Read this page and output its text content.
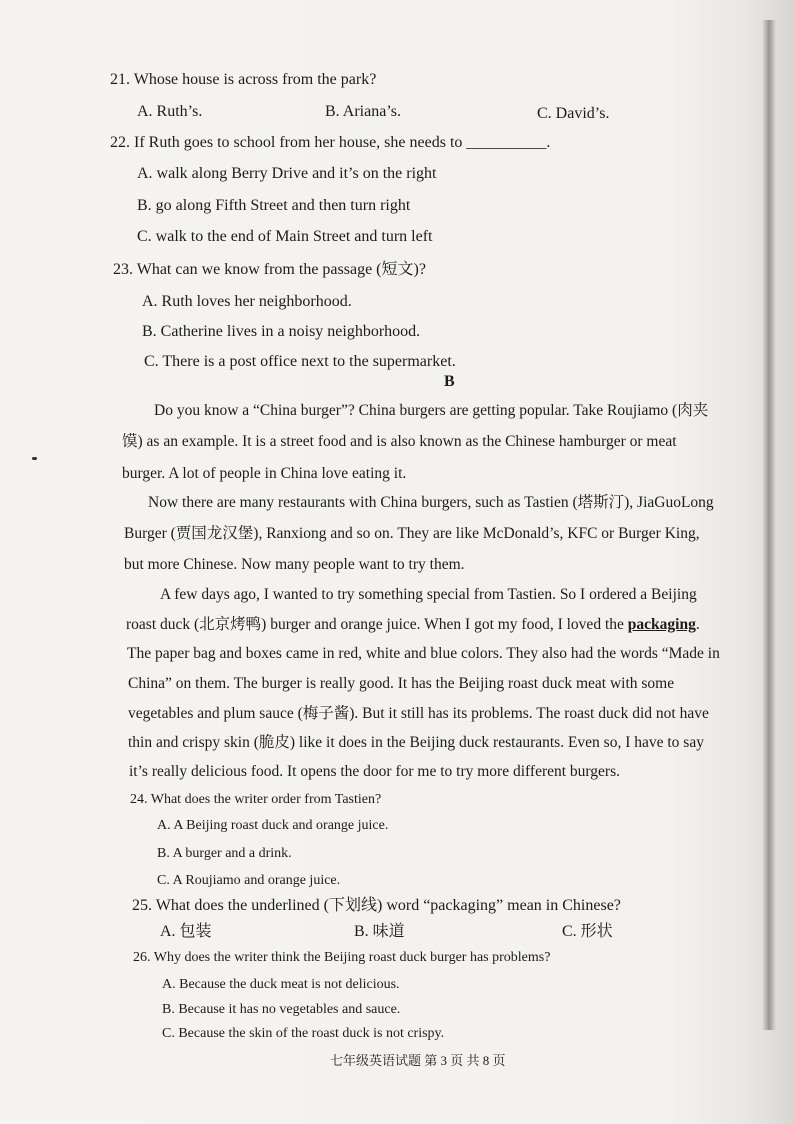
21. Whose house is across from the park?
A. Ruth’s.	B. Ariana’s.	C. David’s.
22. If Ruth goes to school from her house, she needs to __________.
A. walk along Berry Drive and it’s on the right
B. go along Fifth Street and then turn right
C. walk to the end of Main Street and turn left
23. What can we know from the passage (短文)?
A. Ruth loves her neighborhood.
B. Catherine lives in a noisy neighborhood.
C. There is a post office next to the supermarket.
B
Do you know a “China burger”? China burgers are getting popular. Take Roujiamo (肉夹
馍) as an example. It is a street food and is also known as the Chinese hamburger or meat
burger. A lot of people in China love eating it.
Now there are many restaurants with China burgers, such as Tastien (塔斯汀), JiaGuoLong
Burger (贾国龙汉堡), Ranxiong and so on. They are like McDonald’s, KFC or Burger King,
but more Chinese. Now many people want to try them.
A few days ago, I wanted to try something special from Tastien. So I ordered a Beijing
roast duck (北京烤鸭) burger and orange juice. When I got my food, I loved the packaging.
The paper bag and boxes came in red, white and blue colors. They also had the words “Made in
China” on them. The burger is really good. It has the Beijing roast duck meat with some
vegetables and plum sauce (梅子酱). But it still has its problems. The roast duck did not have
thin and crispy skin (脆皮) like it does in the Beijing duck restaurants. Even so, I have to say
it’s really delicious food. It opens the door for me to try more different burgers.
24. What does the writer order from Tastien?
A. A Beijing roast duck and orange juice.
B. A burger and a drink.
C. A Roujiamo and orange juice.
25. What does the underlined (下划线) word “packaging” mean in Chinese?
A. 包装	B. 味道	C. 形状
26. Why does the writer think the Beijing roast duck burger has problems?
A. Because the duck meat is not delicious.
B. Because it has no vegetables and sauce.
C. Because the skin of the roast duck is not crispy.
七年级英语试题 第 3 页 共 8 页
